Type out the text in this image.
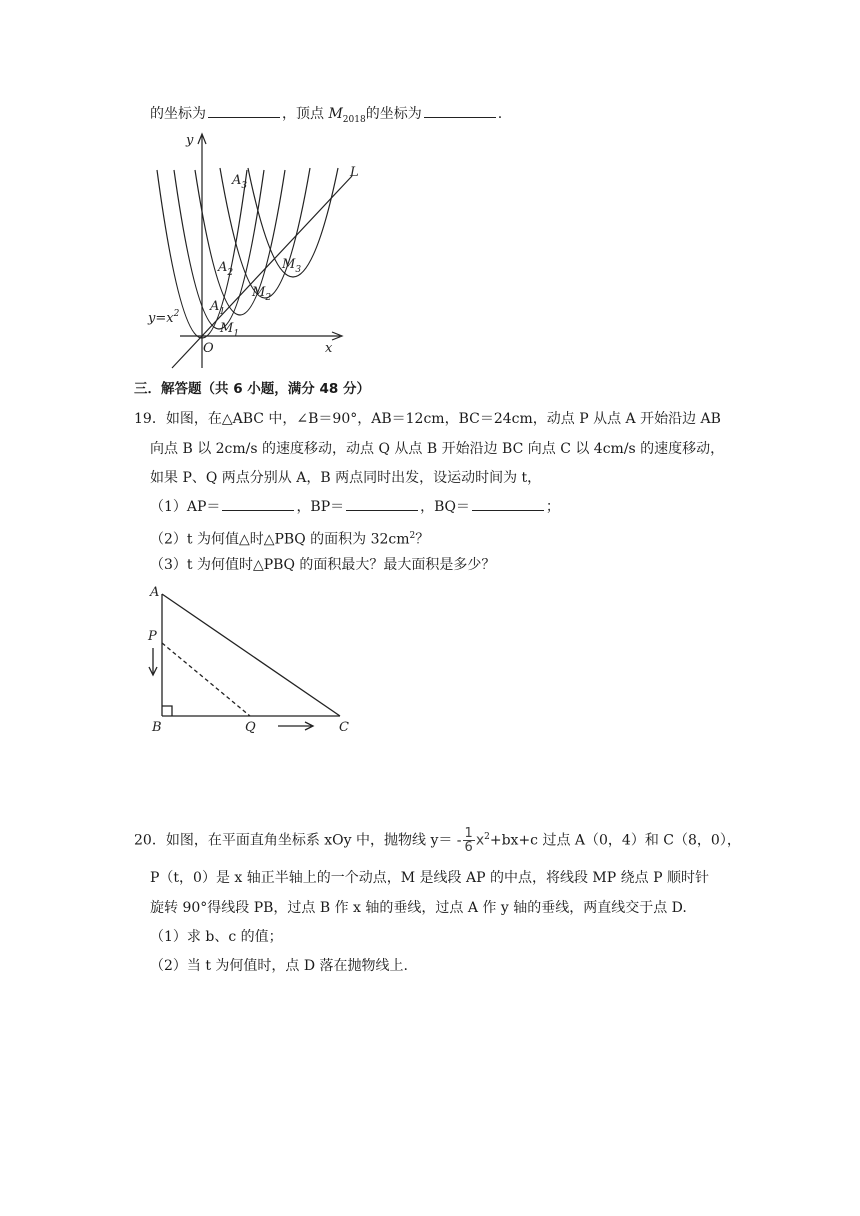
的坐标为	，顶点 $M_{2018}$的坐标为	.
y
x
O
L
$y=x^2$ $A_1$
$A_2$
$A_3$
$M_1$
$M_2$
$M_3$
三．解答题（共 6 小题，满分 48 分）
19．如图，在△ABC 中，∠B＝90°，AB＝12cm，BC＝24cm，动点 P 从点 A 开始沿边 AB
向点 B 以 2cm/s 的速度移动，动点 Q 从点 B 开始沿边 BC 向点 C 以 4cm/s 的速度移动，
如果 P、Q 两点分别从 A，B 两点同时出发，设运动时间为 t，
（1）AP＝	，BP＝	，BQ＝	；
（2）t 为何值△时△PBQ 的面积为 $32cm^2$？
（3）t 为何值时△PBQ 的面积最大？最大面积是多少？
A
P
B	Q	C
20．如图，在平面直角坐标系 xOy 中，抛物线 $y= - \frac{1}{6} x^2+bx+c$ 过点 A（0，4）和 C（8，0），
P（t，0）是 x 轴正半轴上的一个动点，M 是线段 AP 的中点，将线段 MP 绕点 P 顺时针
旋转 90°得线段 PB，过点 B 作 x 轴的垂线，过点 A 作 y 轴的垂线，两直线交于点 D.
（1）求 b、c 的值；
（2）当 t 为何值时，点 D 落在抛物线上.
